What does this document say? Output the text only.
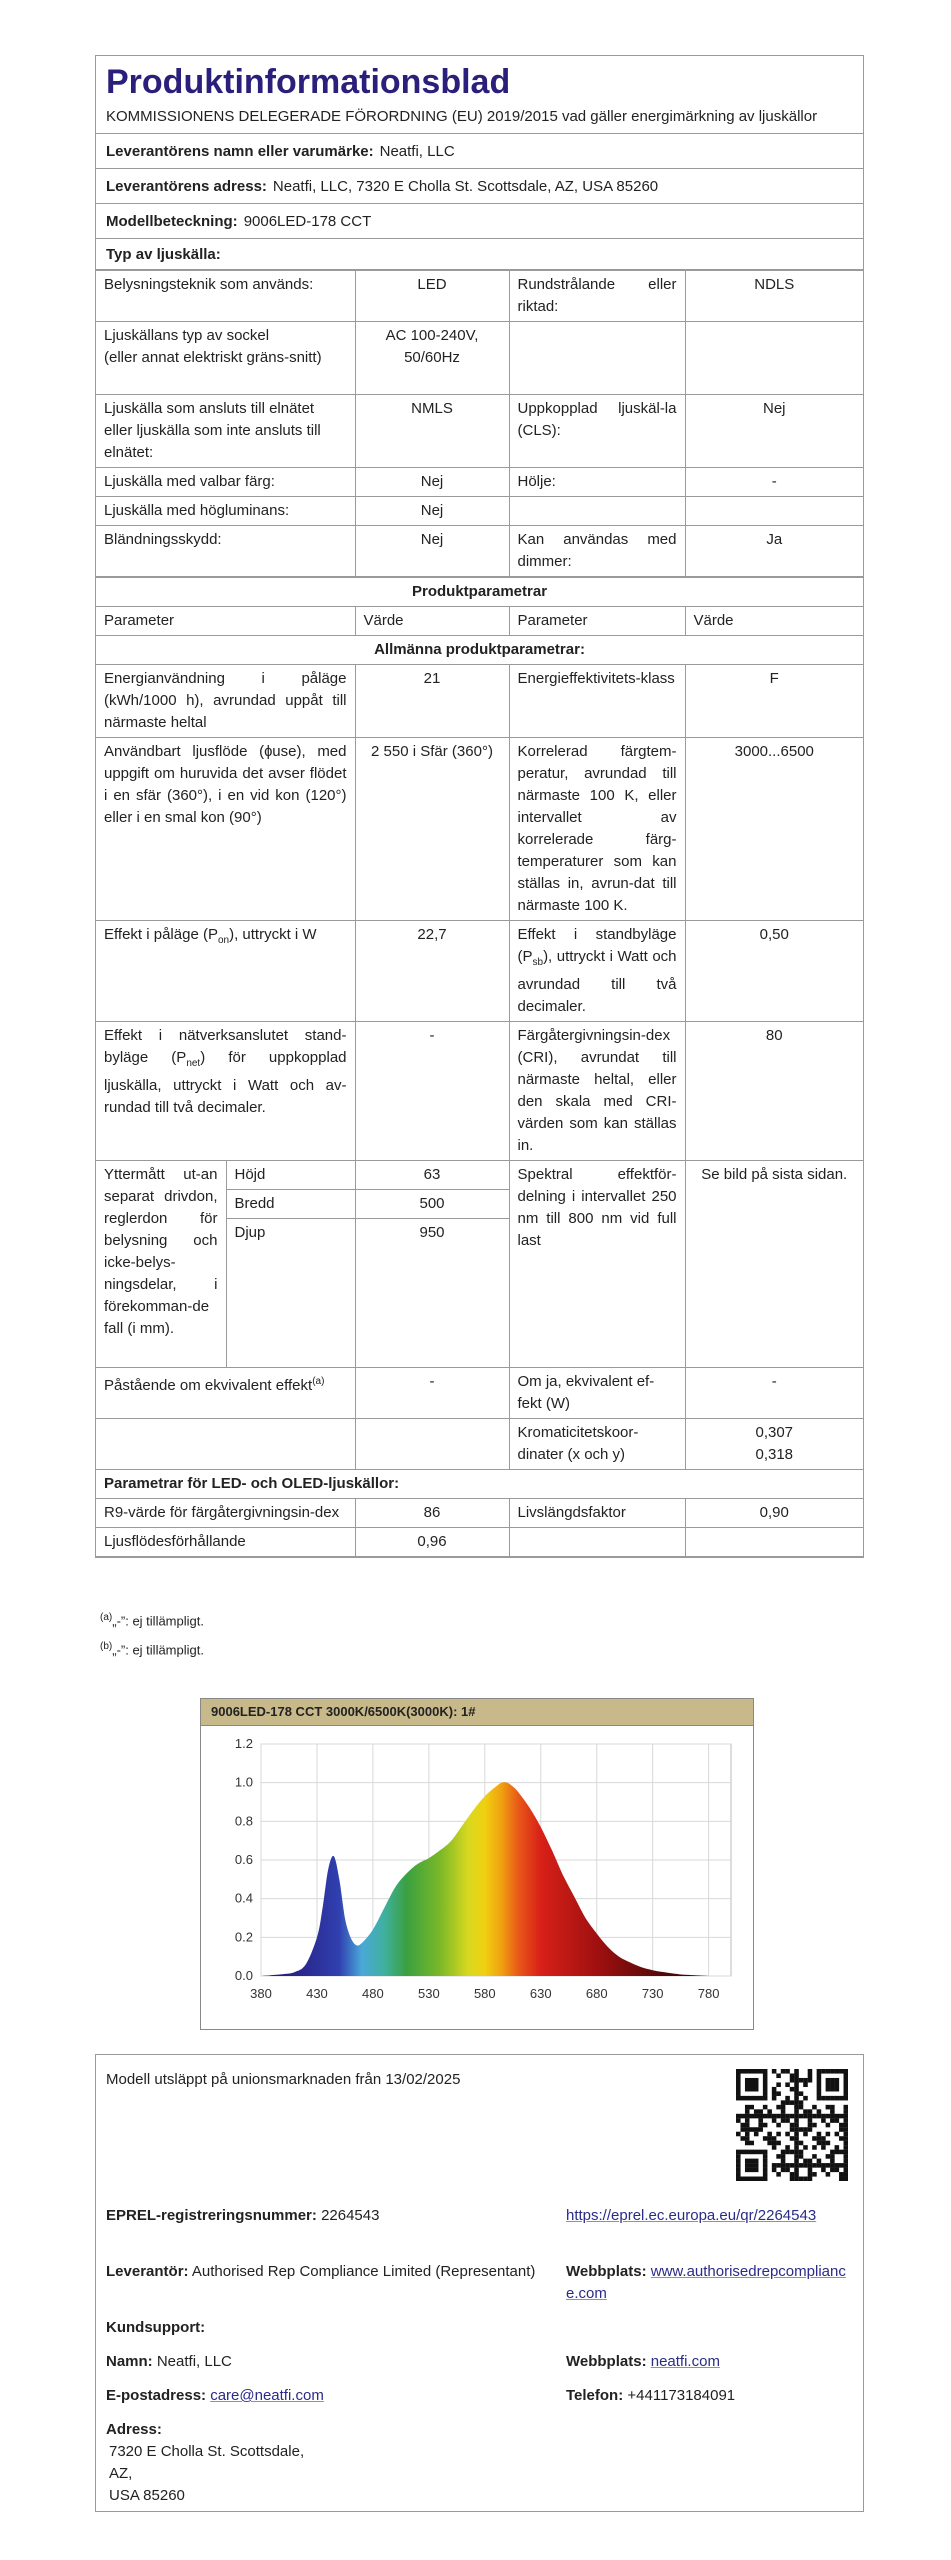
Produktinformationsblad
KOMMISSIONENS DELEGERADE FÖRORDNING (EU) 2019/2015 vad gäller energimärkning av ljuskällor
Leverantörens namn eller varumärke: Neatfi, LLC
Leverantörens adress: Neatfi, LLC, 7320 E Cholla St. Scottsdale, AZ, USA 85260
Modellbeteckning: 9006LED-178 CCT
Typ av ljuskälla:
Belysningsteknik som används:	LED	Rundstrålande eller riktad:	NDLS
Ljuskällans typ av sockel
(eller annat elektriskt gräns-snitt)	AC 100-240V, 50/60Hz		
Ljuskälla som ansluts till elnätet eller ljuskälla som inte ansluts till elnätet:	NMLS	Uppkopplad ljuskäl-la (CLS):	Nej
Ljuskälla med valbar färg:	Nej	Hölje:	-
Ljuskälla med högluminans:	Nej		
Bländningsskydd:	Nej	Kan användas med dimmer:	Ja
Produktparametrar				
Parameter		Värde	Parameter	Värde
Allmänna produktparametrar:				
Energianvändning i påläge (kWh/1000 h), avrundad uppåt till närmaste heltal		21	Energieffektivitets-klass	F
Användbart ljusflöde (ɸuse), med uppgift om huruvida det avser flödet i en sfär (360°), i en vid kon (120°) eller i en smal kon (90°)		2 550 i Sfär (360°)	Korrelerad färgtem-peratur, avrundad till närmaste 100 K, eller intervallet av korrelerade färg-temperaturer som kan ställas in, avrun-dat till närmaste 100 K.	3000...6500
Effekt i påläge $(P_{on})$, uttryckt i W		22,7	Effekt i standbyläge $(P_{sb})$, uttryckt i Watt och avrundad till två decimaler.	0,50
Effekt i nätverksanslutet stand-byläge $(P_{net})$ för uppkopplad ljuskälla, uttryckt i Watt och av-rundad till två decimaler.		-	Färgåtergivningsin-dex (CRI), avrundat till närmaste heltal, eller den skala med CRI-värden som kan ställas in.	80
Yttermått ut-an separat drivdon, reglerdon för belysning och icke-belys-ningsdelar, i förekomman-de fall (i mm).	Höjd	63	Spektral effektför-delning i intervallet 250 nm till 800 nm vid full last	Se bild på sista sidan.
	Bredd	500		
	Djup	950		
Påstående om ekvivalent effekt$^{(a)}$		-	Om ja, ekvivalent ef-fekt (W)	-
			Kromaticitetskoor-dinater (x och y)	0,307
0,318

Parametrar för LED- och OLED-ljuskällor:				
R9-värde för färgåtergivningsin-dex		86	Livslängdsfaktor	0,90
Ljusflödesförhållande		0,96		
$^{(a)}$„-”: ej tillämpligt.
$^{(b)}$„-”: ej tillämpligt.
9006LED-178 CCT 3000K/6500K(3000K): 1#
0.0
0.2
0.4
0.6
0.8
1.0
1.2
380	430	480	530	580	630	680	730	780
Modell utsläppt på unionsmarknaden från 13/02/2025
EPREL-registreringsnummer: 2264543	https://eprel.ec.europa.eu/qr/2264543
Leverantör: Authorised Rep Compliance Limited (Representant)	Webbplats: www.authorisedrepcompliance.com
Kundsupport:
Namn: Neatfi, LLC	Webbplats: neatfi.com
E-postadress: care@neatfi.com	Telefon: +441173184091
Adress:
7320 E Cholla St. Scottsdale,
AZ,
USA 85260
